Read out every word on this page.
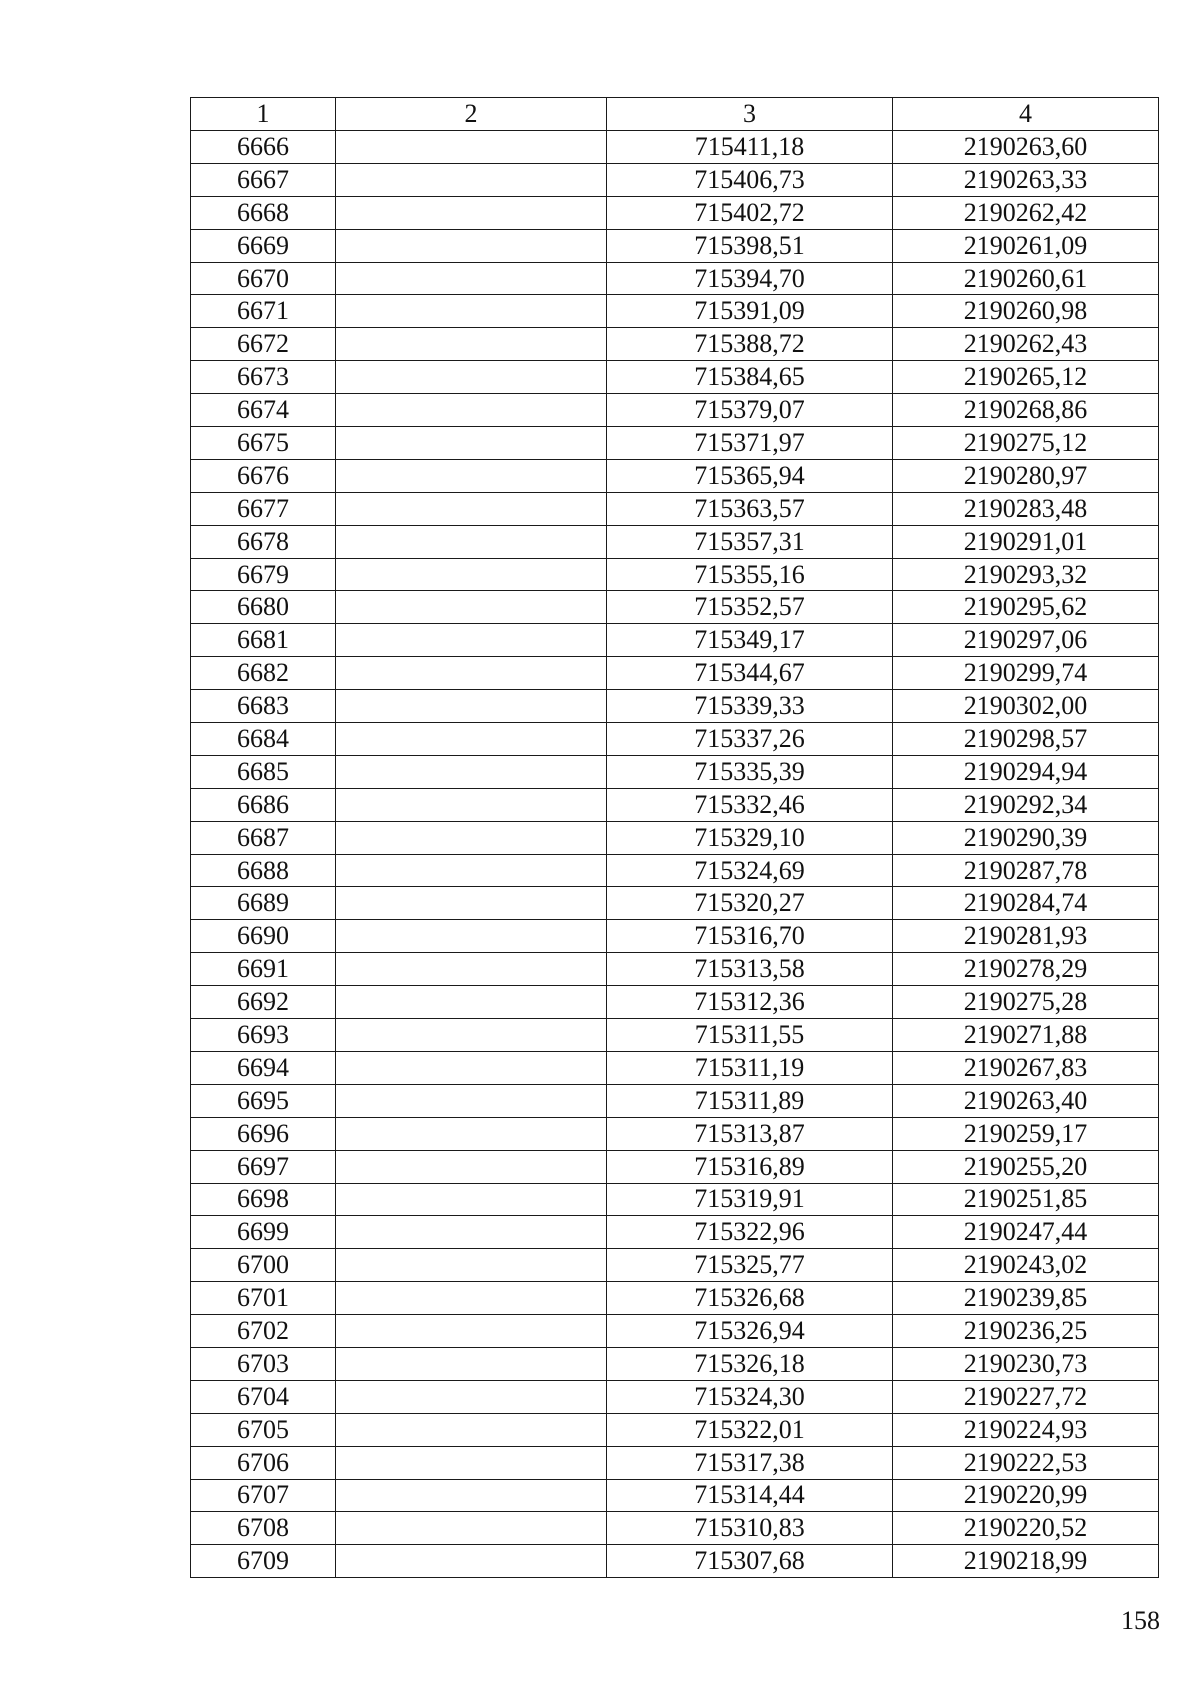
1	2	3	4
6666		715411,18	2190263,60
6667		715406,73	2190263,33
6668		715402,72	2190262,42
6669		715398,51	2190261,09
6670		715394,70	2190260,61
6671		715391,09	2190260,98
6672		715388,72	2190262,43
6673		715384,65	2190265,12
6674		715379,07	2190268,86
6675		715371,97	2190275,12
6676		715365,94	2190280,97
6677		715363,57	2190283,48
6678		715357,31	2190291,01
6679		715355,16	2190293,32
6680		715352,57	2190295,62
6681		715349,17	2190297,06
6682		715344,67	2190299,74
6683		715339,33	2190302,00
6684		715337,26	2190298,57
6685		715335,39	2190294,94
6686		715332,46	2190292,34
6687		715329,10	2190290,39
6688		715324,69	2190287,78
6689		715320,27	2190284,74
6690		715316,70	2190281,93
6691		715313,58	2190278,29
6692		715312,36	2190275,28
6693		715311,55	2190271,88
6694		715311,19	2190267,83
6695		715311,89	2190263,40
6696		715313,87	2190259,17
6697		715316,89	2190255,20
6698		715319,91	2190251,85
6699		715322,96	2190247,44
6700		715325,77	2190243,02
6701		715326,68	2190239,85
6702		715326,94	2190236,25
6703		715326,18	2190230,73
6704		715324,30	2190227,72
6705		715322,01	2190224,93
6706		715317,38	2190222,53
6707		715314,44	2190220,99
6708		715310,83	2190220,52
6709		715307,68	2190218,99
158
